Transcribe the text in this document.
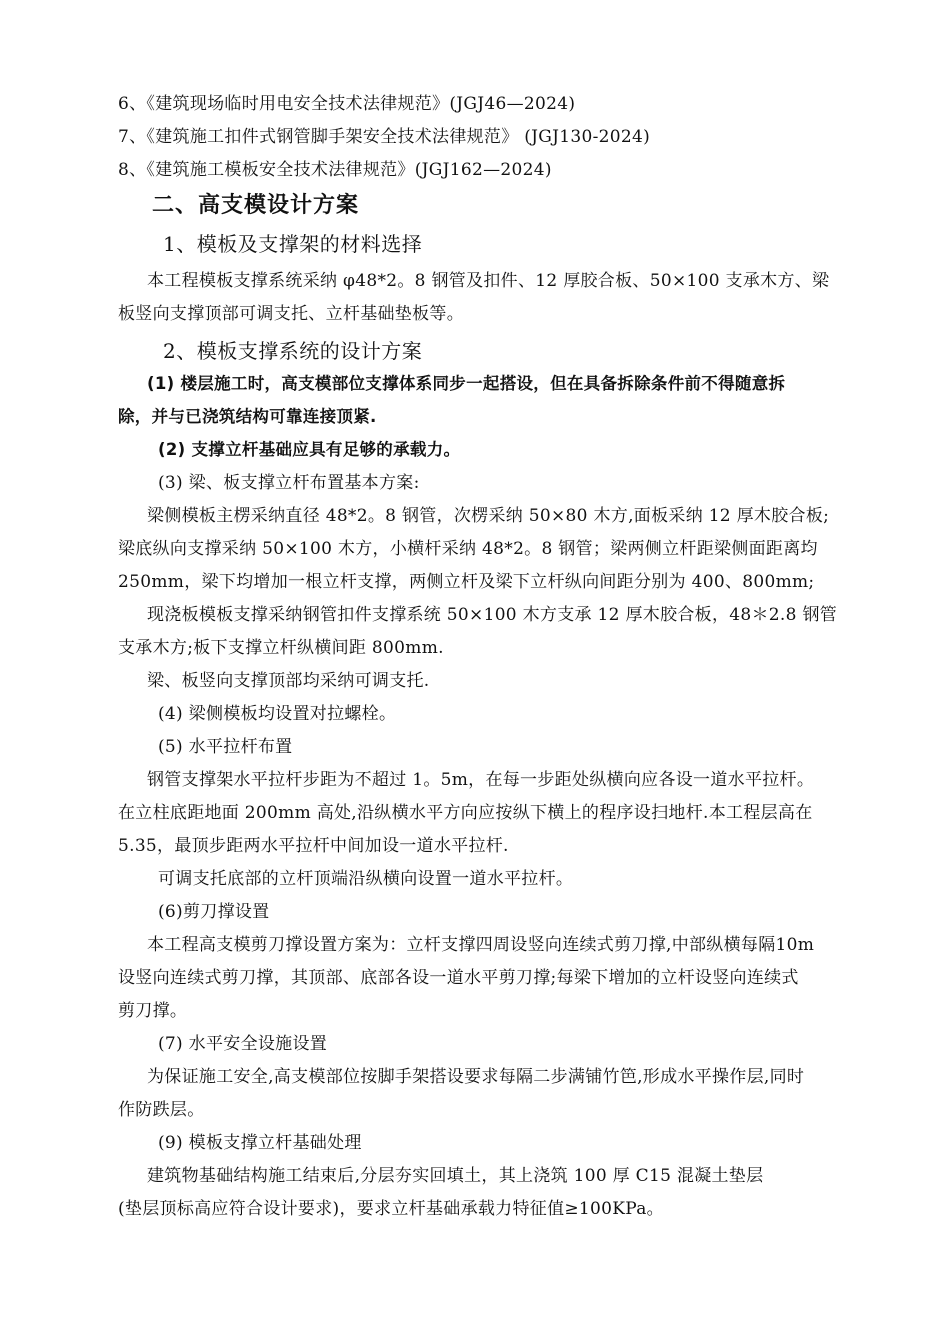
6、《建筑现场临时用电安全技术法律规范》(JGJ46—2024)
7、《建筑施工扣件式钢管脚手架安全技术法律规范》 (JGJ130-2024)
8、《建筑施工模板安全技术法律规范》(JGJ162—2024)
二、高支模设计方案
1、模板及支撑架的材料选择
本工程模板支撑系统采纳 φ48*2。8 钢管及扣件、12 厚胶合板、50×100 支承木方、梁
板竖向支撑顶部可调支托、立杆基础垫板等。
2、模板支撑系统的设计方案
(1) 楼层施工时，高支模部位支撑体系同步一起搭设，但在具备拆除条件前不得随意拆
除，并与已浇筑结构可靠连接顶紧.
(2) 支撑立杆基础应具有足够的承载力。
(3) 梁、板支撑立杆布置基本方案:
梁侧模板主楞采纳直径 48*2。8 钢管，次楞采纳 50×80 木方,面板采纳 12 厚木胶合板;
梁底纵向支撑采纳 50×100 木方，小横杆采纳 48*2。8 钢管；梁两侧立杆距梁侧面距离均
250mm，梁下均增加一根立杆支撑，两侧立杆及梁下立杆纵向间距分别为 400、800mm;
现浇板模板支撑采纳钢管扣件支撑系统 50×100 木方支承 12 厚木胶合板，48＊2.8 钢管
支承木方;板下支撑立杆纵横间距 800mm.
梁、板竖向支撑顶部均采纳可调支托.
(4) 梁侧模板均设置对拉螺栓。
(5) 水平拉杆布置
钢管支撑架水平拉杆步距为不超过 1。5m，在每一步距处纵横向应各设一道水平拉杆。
在立柱底距地面 200mm 高处,沿纵横水平方向应按纵下横上的程序设扫地杆.本工程层高在
5.35，最顶步距两水平拉杆中间加设一道水平拉杆.
可调支托底部的立杆顶端沿纵横向设置一道水平拉杆。
(6)剪刀撑设置
本工程高支模剪刀撑设置方案为：立杆支撑四周设竖向连续式剪刀撑,中部纵横每隔10m
设竖向连续式剪刀撑，其顶部、底部各设一道水平剪刀撑;每梁下增加的立杆设竖向连续式
剪刀撑。
(7) 水平安全设施设置
为保证施工安全,高支模部位按脚手架搭设要求每隔二步满铺竹笆,形成水平操作层,同时
作防跌层。
(9) 模板支撑立杆基础处理
建筑物基础结构施工结束后,分层夯实回填土，其上浇筑 100 厚 C15 混凝土垫层
(垫层顶标高应符合设计要求)，要求立杆基础承载力特征值≥100KPa。
